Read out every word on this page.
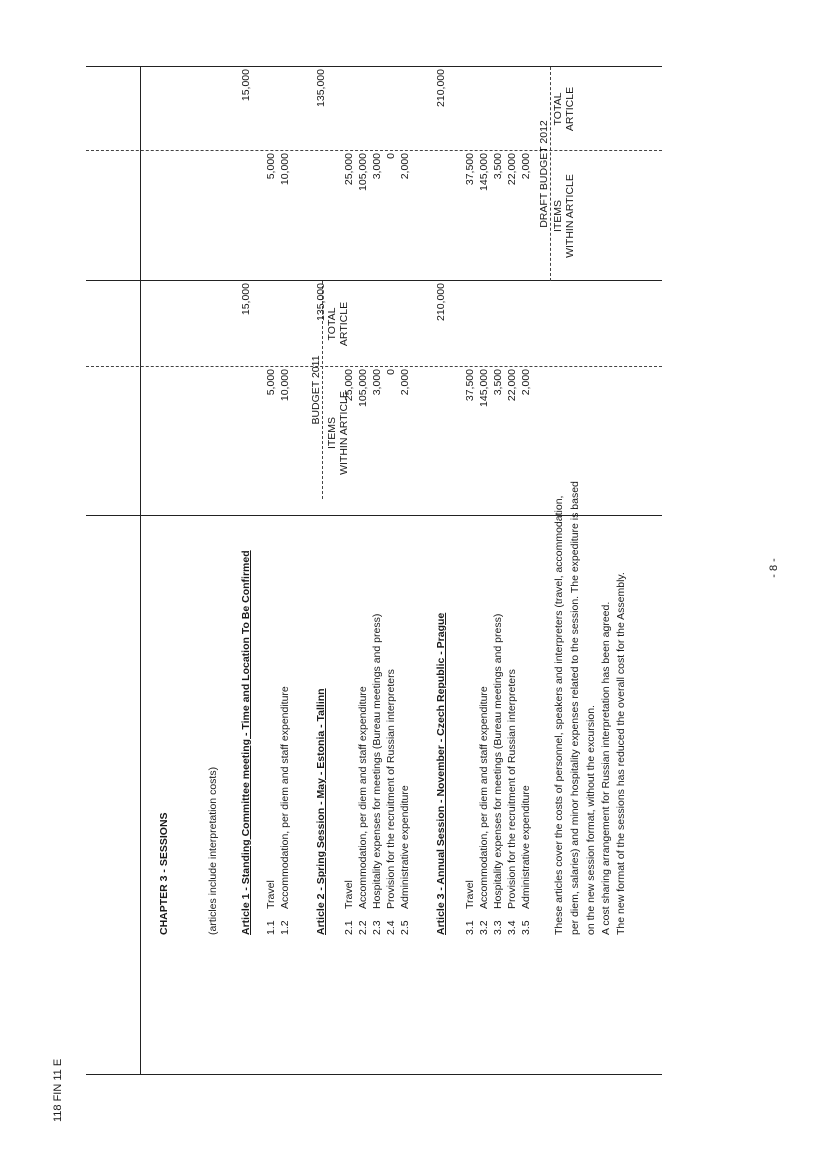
118 FIN 11 E
- 8 -
BUDGET 2011
DRAFT BUDGET 2012
ITEMS WITHIN ARTICLE
TOTAL ARTICLE
ITEMS WITHIN ARTICLE
TOTAL ARTICLE
CHAPTER 3 - SESSIONS	(articles include interpretation costs) Article 1 - Standing Committee meeting - Time and Location To Be Confirmed
15,000
15,000
1.1
Travel
5,000
5,000
1.2
Accommodation, per diem and staff expenditure
10,000
10,000
Article 2 - Spring Session - May - Estonia - Tallinn
135,000
135,000
2.1
Travel
25,000
25,000
2.2
Accommodation, per diem and staff expenditure
105,000
105,000
2.3
Hospitality expenses for meetings (Bureau meetings and press)
3,000
3,000
2.4
Provision for the recruitment of Russian interpreters
0
0
2.5
Administrative expenditure
2,000
2,000
Article 3 - Annual Session - November - Czech Republic - Prague
210,000
210,000
3.1
Travel
37,500
37,500
3.2
Accommodation, per diem and staff expenditure
145,000
145,000
3.3
Hospitality expenses for meetings (Bureau meetings and press)
3,500
3,500
3.4
Provision for the recruitment of Russian interpreters
22,000
22,000
3.5
Administrative expenditure
2,000
2,000
These articles cover the costs of personnel, speakers and interpreters (travel, accommodation, per diem, salaries) and minor hospitality expenses related to the session. The expediture is based on the new session format, without the excursion. A cost sharing arrangement for Russian interpretation has been agreed. The new format of the sessions has reduced the overall cost for the Assembly.
